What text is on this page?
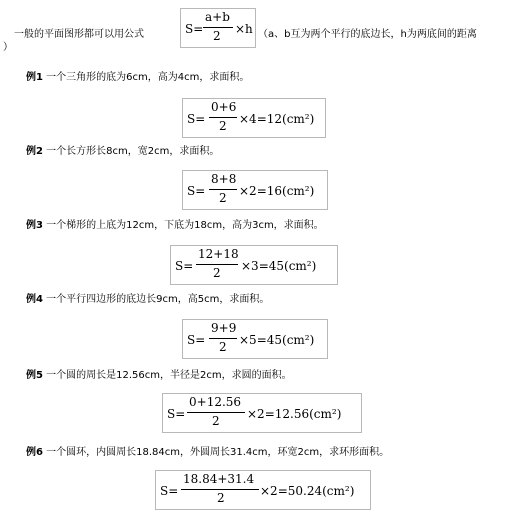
一般的平面图形都可以用公式	S=
a+b
2 ×h （a、b互为两个平行的底边长，h为两底间的距离
）
例1 一个三角形的底为6cm，高为4cm，求面积。
S=
0+6
2 ×4=12(cm²)
例2 一个长方形长8cm，宽2cm，求面积。
S=
8+8
2 ×2=16(cm²)
例3 一个梯形的上底为12cm，下底为18cm，高为3cm，求面积。
S=
12+18
2 ×3=45(cm²)
例4 一个平行四边形的底边长9cm，高5cm，求面积。
S=
9+9
2 ×5=45(cm²)
例5 一个圆的周长是12.56cm，半径是2cm，求圆的面积。
S=
0+12.56
2 ×2=12.56(cm²)
例6 一个圆环，内圆周长18.84cm，外圆周长31.4cm，环宽2cm，求环形面积。
S=
18.84+31.4
2	×2=50.24(cm²)
